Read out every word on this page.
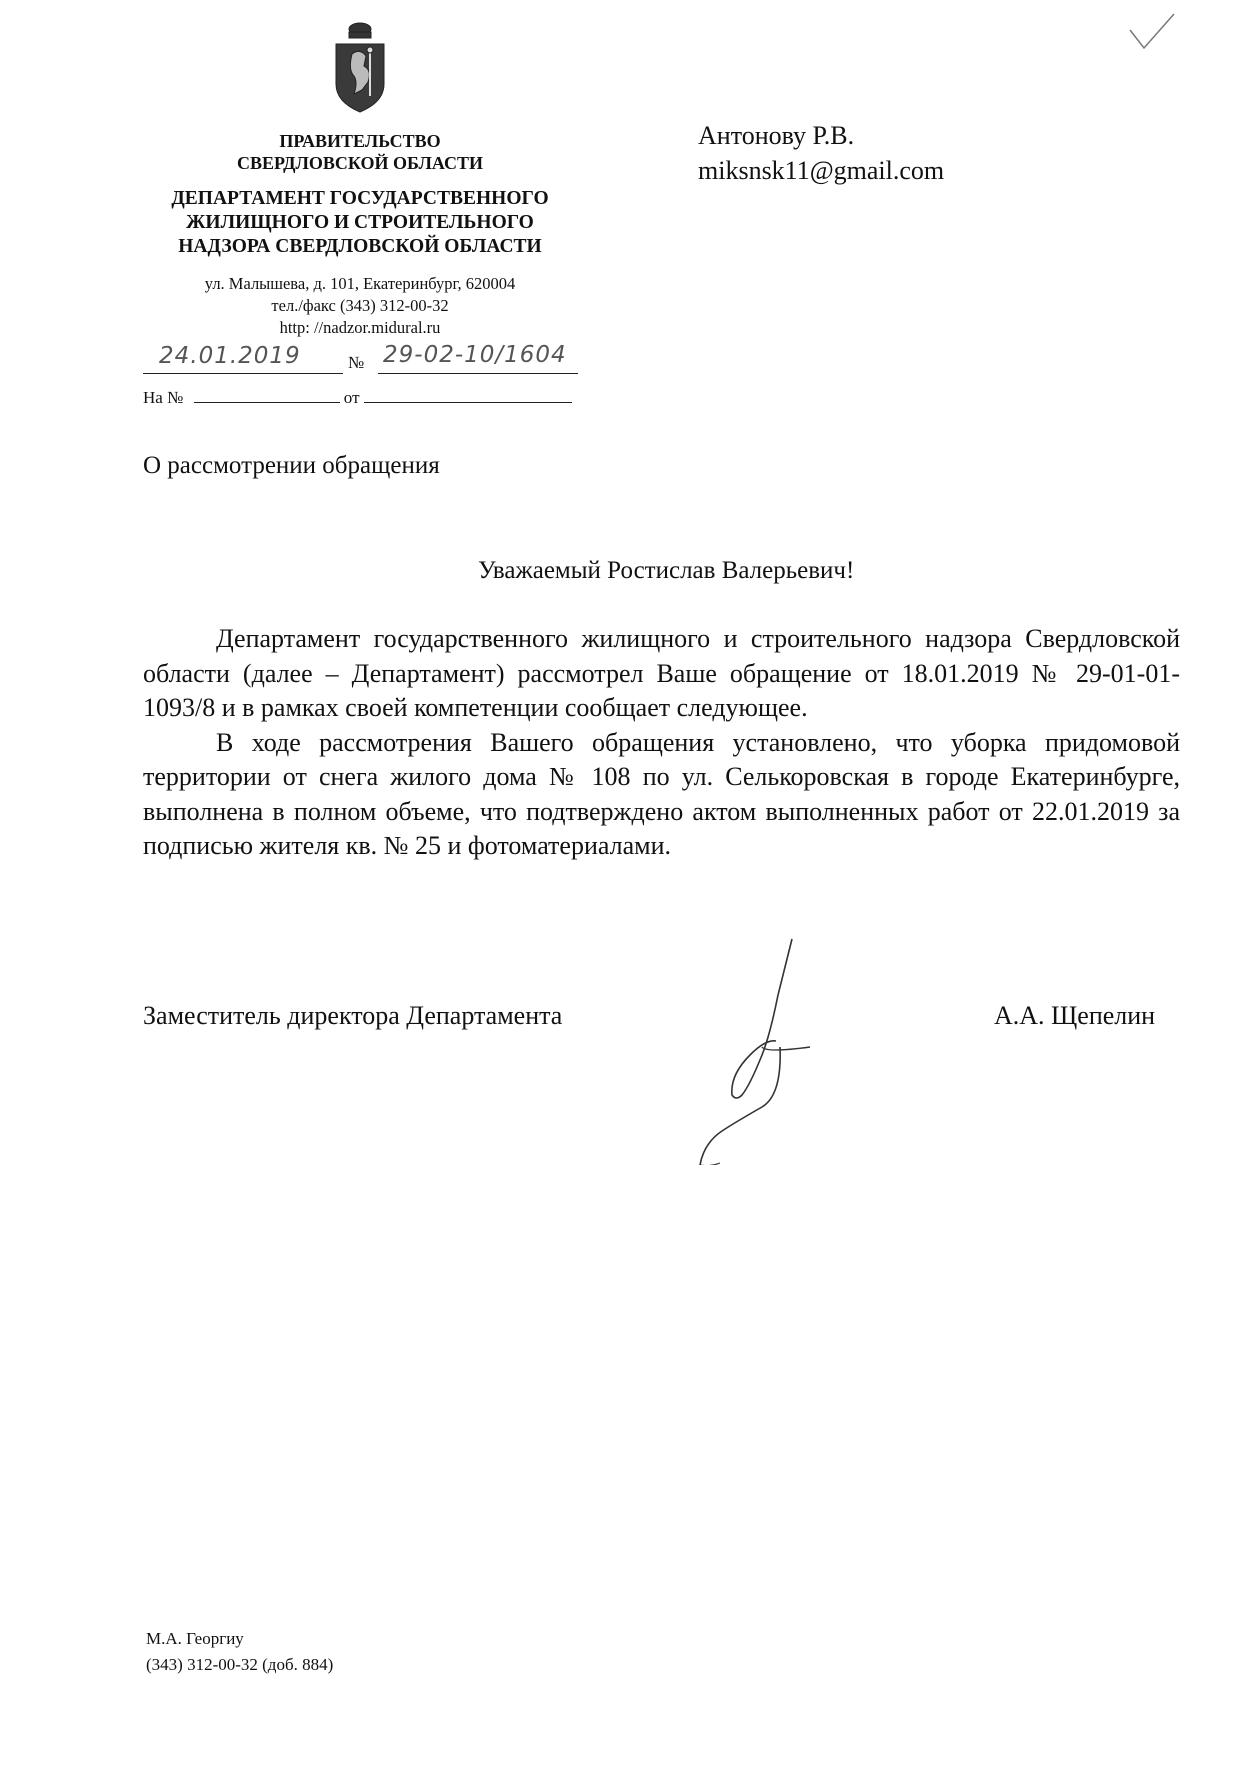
ПРАВИТЕЛЬСТВО
СВЕРДЛОВСКОЙ ОБЛАСТИ
ДЕПАРТАМЕНТ ГОСУДАРСТВЕННОГО
ЖИЛИЩНОГО И СТРОИТЕЛЬНОГО
НАДЗОРА СВЕРДЛОВСКОЙ ОБЛАСТИ
ул. Малышева, д. 101, Екатеринбург, 620004
тел./факс (343) 312-00-32
http: //nadzor.midural.ru
Антонову Р.В.
miksnsk11@gmail.com
24.01.2019	№ 29-02-10/1604
На №	от
О рассмотрении обращения
Уважаемый Ростислав Валерьевич!

Департамент государственного жилищного и строительного надзора Свердловской области (далее – Департамент) рассмотрел Ваше обращение от 18.01.2019 № 29-01-01-1093/8 и в рамках своей компетенции сообщает следующее.

В ходе рассмотрения Вашего обращения установлено, что уборка придомовой территории от снега жилого дома № 108 по ул. Селькоровская в городе Екатеринбурге, выполнена в полном объеме, что подтверждено актом выполненных работ от 22.01.2019 за подписью жителя кв. № 25 и фотоматериалами.

Заместитель директора Департамента	А.А. Щепелин
М.А. Георгиу
(343) 312-00-32 (доб. 884)
